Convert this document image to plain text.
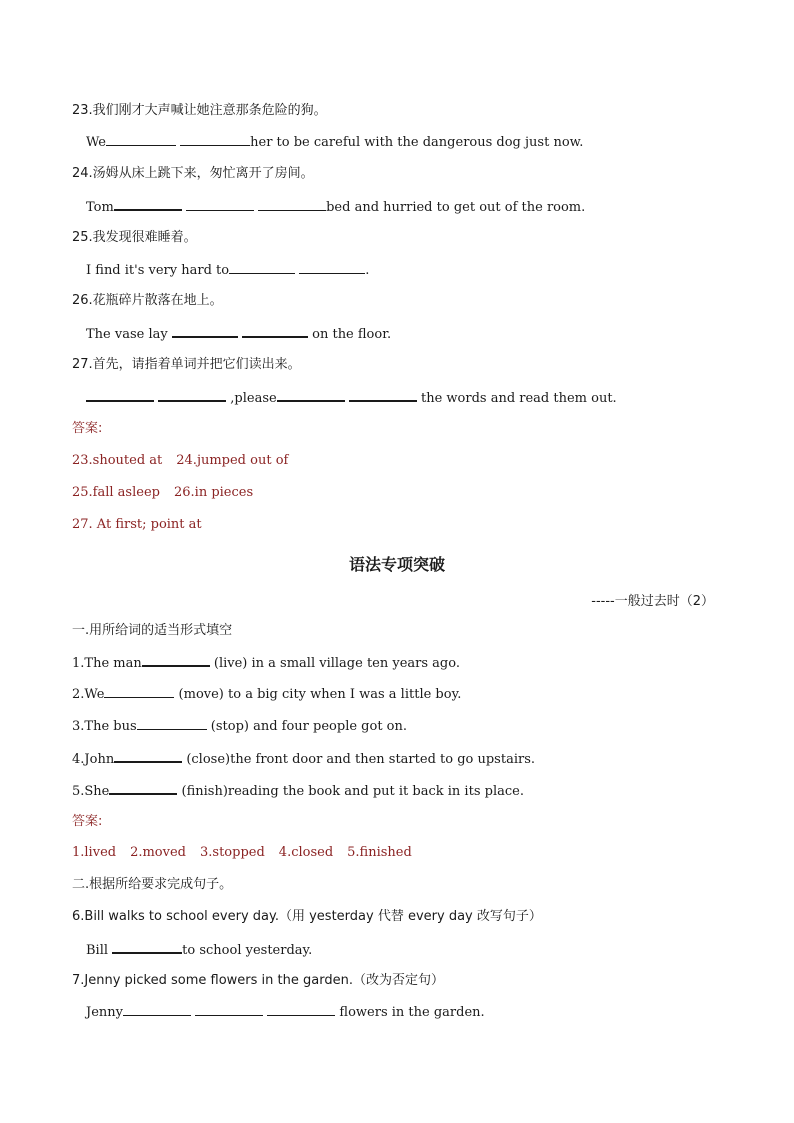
23.我们刚才大声喊让她注意那条危险的狗。
We	her to be careful with the dangerous dog just now.
24.汤姆从床上跳下来，匆忙离开了房间。
Tom	bed and hurried to get out of the room.
25.我发现很难睡着。
I find it's very hard to	.
26.花瓶碎片散落在地上。
The vase lay	on the floor.
27.首先，请指着单词并把它们读出来。
,please	the words and read them out.
答案:
23.shouted at 24.jumped out of
25.fall asleep 26.in pieces
27. At first; point at
语法专项突破
-----一般过去时（2）
一.用所给词的适当形式填空
1.The man	(live) in a small village ten years ago.
2.We	(move) to a big city when I was a little boy.
3.The bus	(stop) and four people got on.
4.John	(close)the front door and then started to go upstairs.
5.She	(finish)reading the book and put it back in its place.
答案:
1.lived 2.moved 3.stopped 4.closed 5.finished
二.根据所给要求完成句子。
6.Bill walks to school every day.（用 yesterday 代替 every day 改写句子）
Bill	to school yesterday.
7.Jenny picked some flowers in the garden.（改为否定句）
Jenny	flowers in the garden.
